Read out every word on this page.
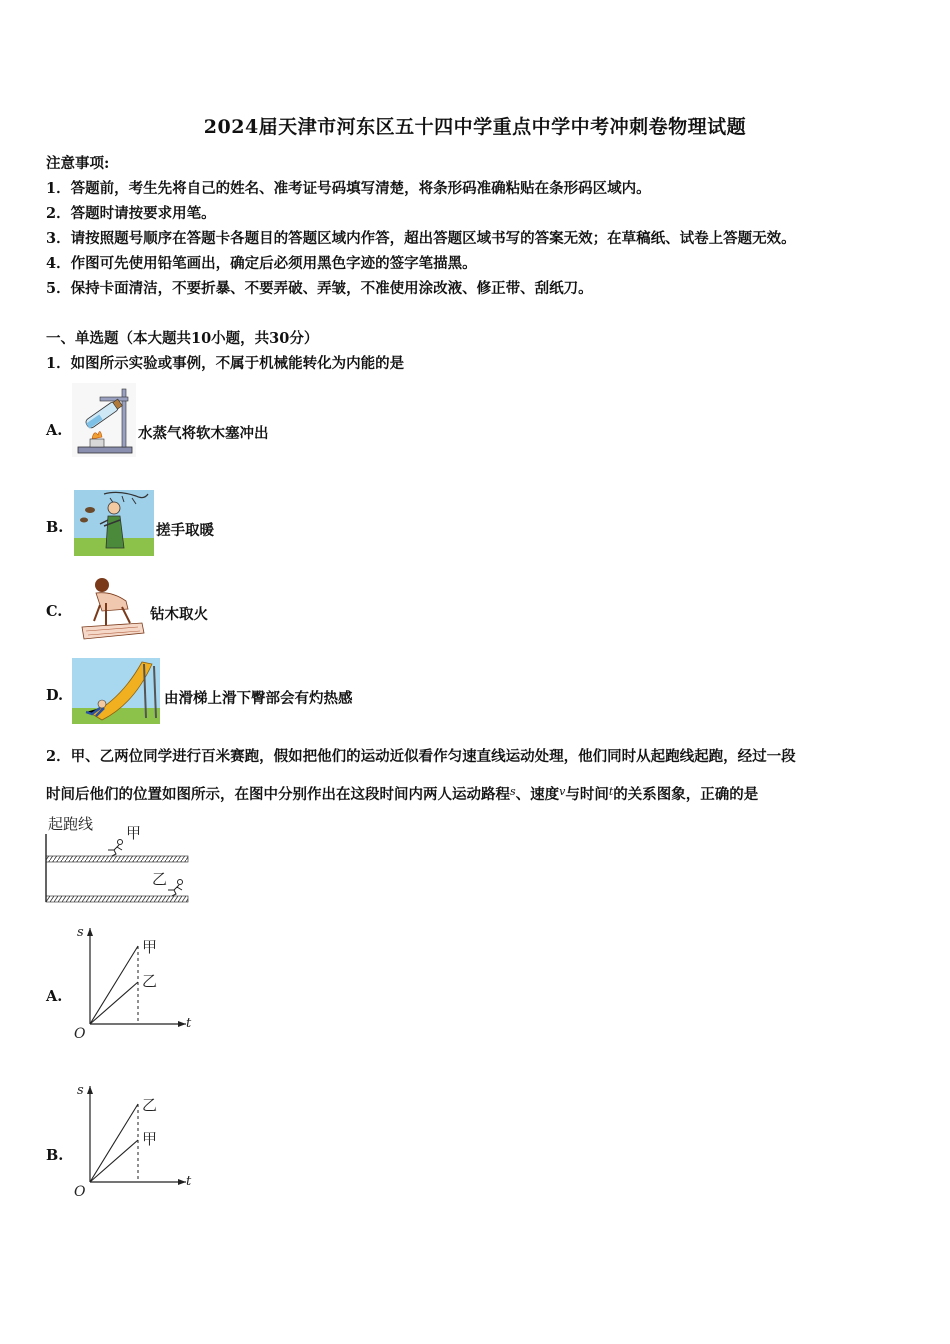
2024届天津市河东区五十四中学重点中学中考冲刺卷物理试题
注意事项:
1．答题前，考生先将自己的姓名、准考证号码填写清楚，将条形码准确粘贴在条形码区域内。
2．答题时请按要求用笔。
3．请按照题号顺序在答题卡各题目的答题区域内作答，超出答题区域书写的答案无效；在草稿纸、试卷上答题无效。
4．作图可先使用铅笔画出，确定后必须用黑色字迹的签字笔描黑。
5．保持卡面清洁，不要折暴、不要弄破、弄皱，不准使用涂改液、修正带、刮纸刀。
一、单选题（本大题共10小题，共30分）
1．如图所示实验或事例，不属于机械能转化为内能的是
A.	水蒸气将软木塞冲出
B.	搓手取暖
C.	钻木取火
D.	由滑梯上滑下臀部会有灼热感
2．甲、乙两位同学进行百米赛跑，假如把他们的运动近似看作匀速直线运动处理，他们同时从起跑线起跑，经过一段
时间后他们的位置如图所示，在图中分别作出在这段时间内两人运动路程$^s$、速度$^v$与时间$^t$的关系图象，正确的是
起跑线 甲
乙
A.
s
t
O
甲
乙
B.
s
t
O
乙
甲
